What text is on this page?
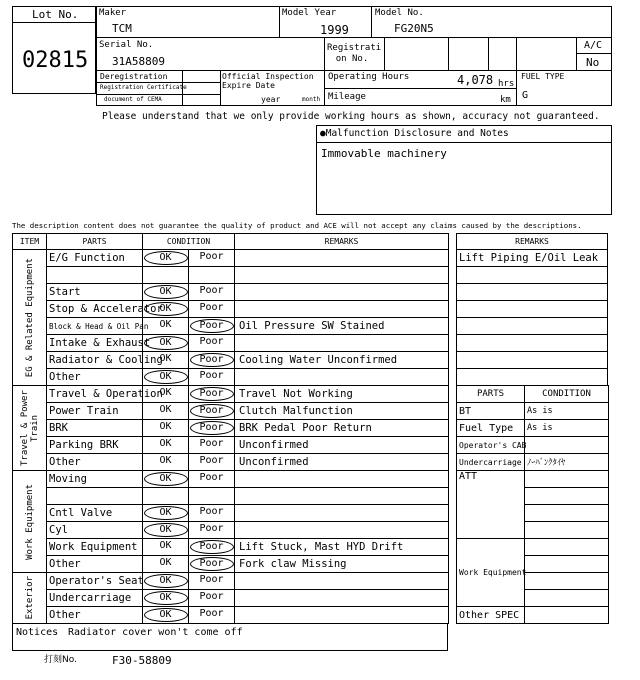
Lot No.
02815
Maker
TCM
Model Year
1999
Model No.
FG20N5
Serial No.
31A58809
Registrati on No.
A/C
No
Deregistration
Registration Certificate
document of CEMA
Official Inspection Expire Date
year	month
Operating Hours	4,078 hrs
Mileage	km
FUEL TYPE
G
Please understand that we only provide working hours as shown, accuracy not guaranteed.
●Malfunction Disclosure and Notes
Immovable machinery
The description content does not guarantee the quality of product and ACE will not accept any claims caused by the descriptions.
ITEM	PARTS	CONDITION		REMARKS

EG & Related Equipment	E/G Function	OK	Poor	

	Start	OK	Poor	
	Stop & Accelerator	OK	Poor	
	Block & Head & Oil Pan	OK	Poor	Oil Pressure SW Stained
	Intake & Exhaust	OK	Poor	
	Radiator & Cooling	OK	Poor	Cooling Water Unconfirmed
	Other	OK	Poor	

Travel & Power Train	Travel & Operation	OK	Poor	Travel Not Working
	Power Train	OK	Poor	Clutch Malfunction
	BRK	OK	Poor	BRK Pedal Poor Return
	Parking BRK	OK	Poor	Unconfirmed
	Other	OK	Poor	Unconfirmed

Work Equipment	Moving	OK	Poor	

	Cntl Valve	OK	Poor	
	Cyl	OK	Poor	
	Work Equipment	OK	Poor	Lift Stuck, Mast HYD Drift
	Other	OK	Poor	Fork claw Missing

Exterior	Operator's Seat	OK	Poor	
	Undercarriage	OK	Poor	
	Other	OK	Poor	
Notices Radiator cover won't come off
打刻No.	F30-58809
REMARKS
Lift Piping E/Oil Leak

PARTS	CONDITION
BT	As is
Fuel Type	As is
Operator's CAB	
Undercarriage	ﾉｰﾊﾞﾝｸﾀｲﾔ
ATT	

Work Equipment	

Other SPEC	
